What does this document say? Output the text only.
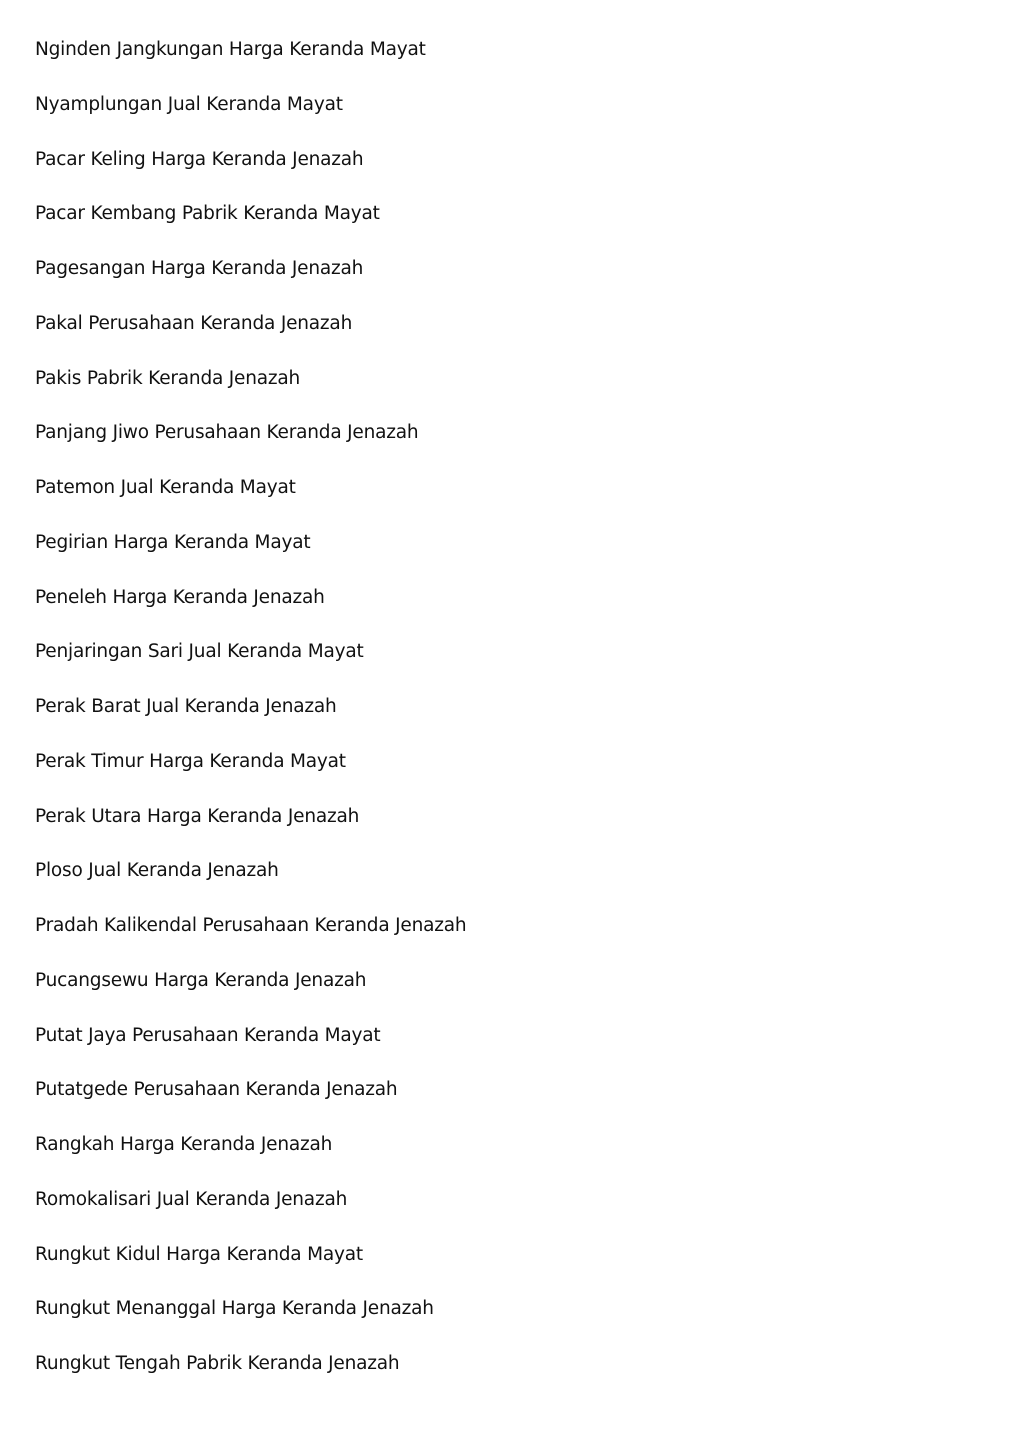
Nginden Jangkungan Harga Keranda Mayat
Nyamplungan Jual Keranda Mayat
Pacar Keling Harga Keranda Jenazah
Pacar Kembang Pabrik Keranda Mayat
Pagesangan Harga Keranda Jenazah
Pakal Perusahaan Keranda Jenazah
Pakis Pabrik Keranda Jenazah
Panjang Jiwo Perusahaan Keranda Jenazah
Patemon Jual Keranda Mayat
Pegirian Harga Keranda Mayat
Peneleh Harga Keranda Jenazah
Penjaringan Sari Jual Keranda Mayat
Perak Barat Jual Keranda Jenazah
Perak Timur Harga Keranda Mayat
Perak Utara Harga Keranda Jenazah
Ploso Jual Keranda Jenazah
Pradah Kalikendal Perusahaan Keranda Jenazah
Pucangsewu Harga Keranda Jenazah
Putat Jaya Perusahaan Keranda Mayat
Putatgede Perusahaan Keranda Jenazah
Rangkah Harga Keranda Jenazah
Romokalisari Jual Keranda Jenazah
Rungkut Kidul Harga Keranda Mayat
Rungkut Menanggal Harga Keranda Jenazah
Rungkut Tengah Pabrik Keranda Jenazah
